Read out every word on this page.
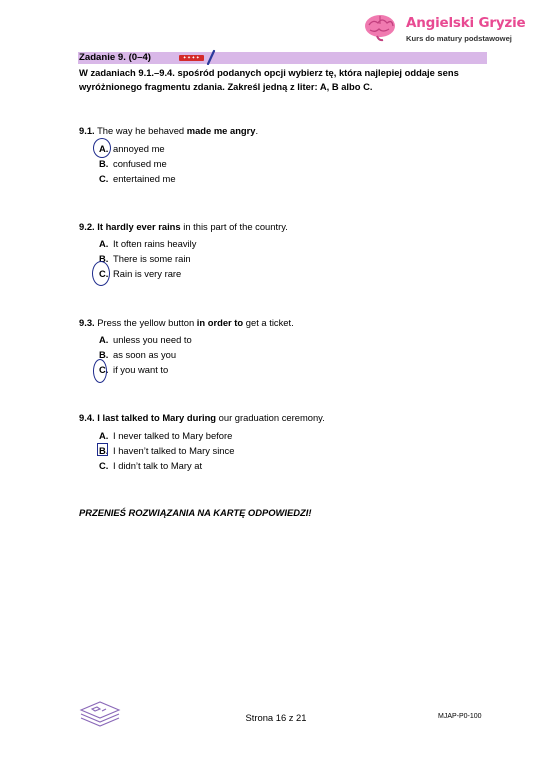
Angielski Gryzie
Kurs do matury podstawowej
Zadanie 9. (0–4)	✦✦✦✦
W zadaniach 9.1.–9.4. spośród podanych opcji wybierz tę, która najlepiej oddaje sens wyróżnionego fragmentu zdania. Zakreśl jedną z liter: A, B albo C.
9.1. The way he behaved made me angry.
A. annoyed me
B. confused me
C. entertained me
9.2. It hardly ever rains in this part of the country.
A. It often rains heavily
B. There is some rain
C. Rain is very rare
9.3. Press the yellow button in order to get a ticket.
A. unless you need to
B. as soon as you
C. if you want to
9.4. I last talked to Mary during our graduation ceremony.
A. I never talked to Mary before
B. I haven’t talked to Mary since
C. I didn’t talk to Mary at
PRZENIEŚ ROZWIĄZANIA NA KARTĘ ODPOWIEDZI!
Strona 16 z 21	MJAP-P0-100
